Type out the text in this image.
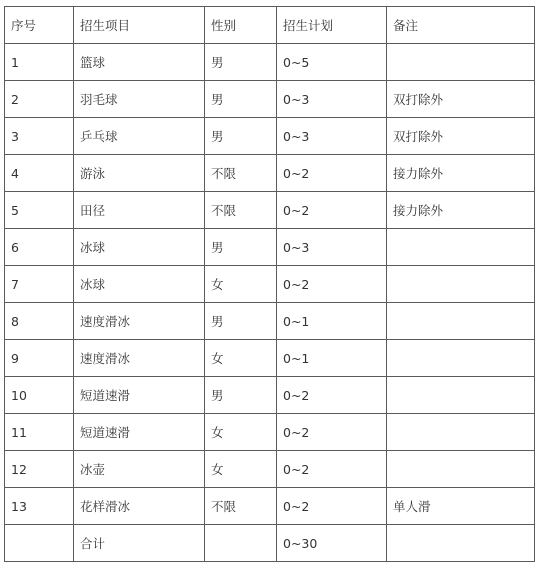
序号	招生项目	性别	招生计划	备注
1	篮球	男	0~5	
2	羽毛球	男	0~3	双打除外
3	乒乓球	男	0~3	双打除外
4	游泳	不限	0~2	接力除外
5	田径	不限	0~2	接力除外
6	冰球	男	0~3	
7	冰球	女	0~2	
8	速度滑冰	男	0~1	
9	速度滑冰	女	0~1	
10	短道速滑	男	0~2	
11	短道速滑	女	0~2	
12	冰壶	女	0~2	
13	花样滑冰	不限	0~2	单人滑
	合计		0~30	
